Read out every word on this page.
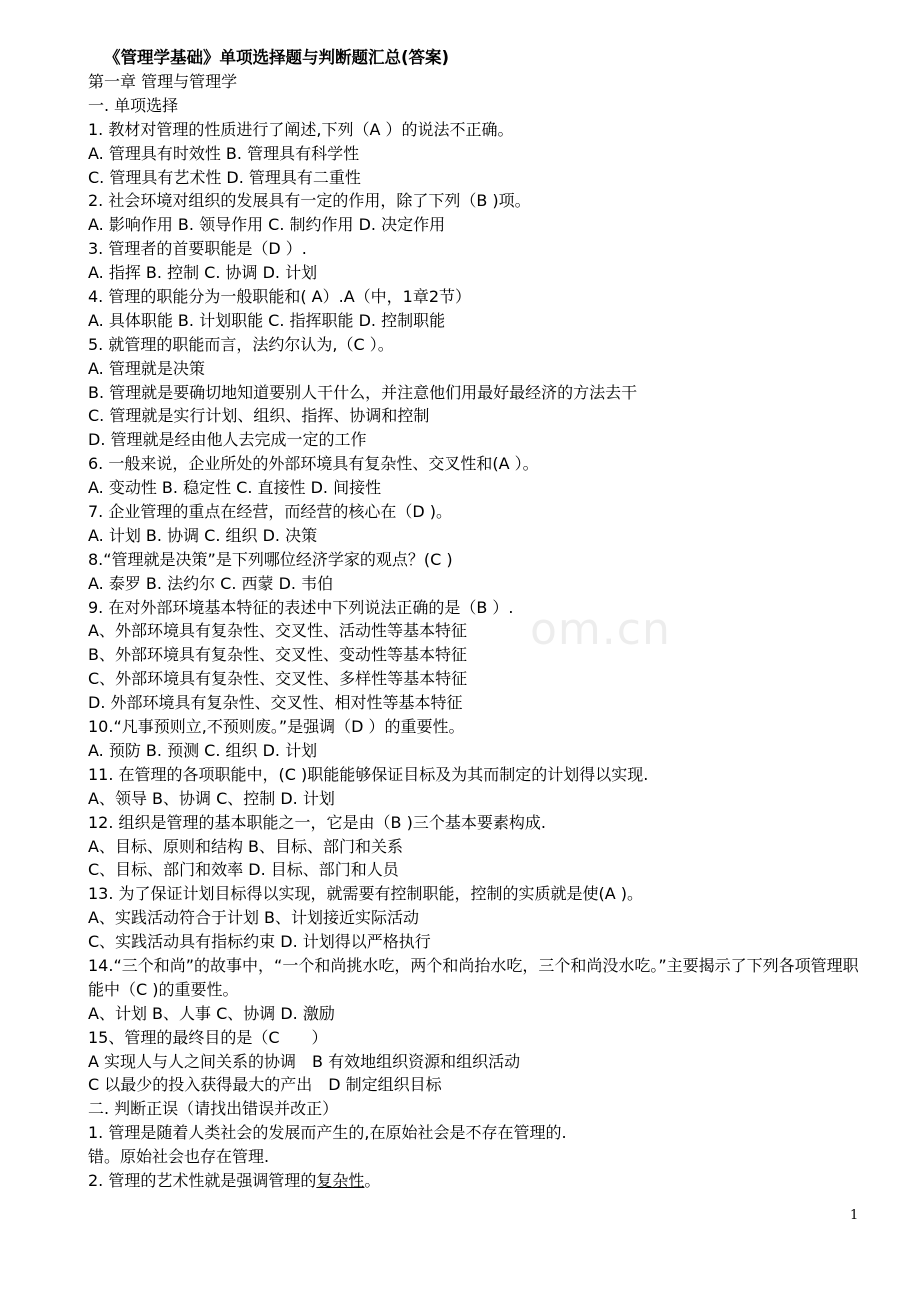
《管理学基础》单项选择题与判断题汇总(答案)
第一章 管理与管理学
一. 单项选择
1. 教材对管理的性质进行了阐述,下列（A ）的说法不正确。
A. 管理具有时效性 B. 管理具有科学性
C. 管理具有艺术性 D. 管理具有二重性
2. 社会环境对组织的发展具有一定的作用，除了下列（B )项。
A. 影响作用 B. 领导作用 C. 制约作用 D. 决定作用
3. 管理者的首要职能是（D ）.
A. 指挥 B. 控制 C. 协调 D. 计划
4. 管理的职能分为一般职能和( A）.A（中，1章2节）
A. 具体职能 B. 计划职能 C. 指挥职能 D. 控制职能
5. 就管理的职能而言，法约尔认为,（C ）。
A. 管理就是决策
B. 管理就是要确切地知道要别人干什么，并注意他们用最好最经济的方法去干
C. 管理就是实行计划、组织、指挥、协调和控制
D. 管理就是经由他人去完成一定的工作
6. 一般来说，企业所处的外部环境具有复杂性、交叉性和(A ）。
A. 变动性 B. 稳定性 C. 直接性 D. 间接性
7. 企业管理的重点在经营，而经营的核心在（D )。
A. 计划 B. 协调 C. 组织 D. 决策
8.“管理就是决策”是下列哪位经济学家的观点？(C )
A. 泰罗 B. 法约尔 C. 西蒙 D. 韦伯
9. 在对外部环境基本特征的表述中下列说法正确的是（B ）.
A、外部环境具有复杂性、交叉性、活动性等基本特征
B、外部环境具有复杂性、交叉性、变动性等基本特征
C、外部环境具有复杂性、交叉性、多样性等基本特征
D. 外部环境具有复杂性、交叉性、相对性等基本特征
10.“凡事预则立,不预则废。”是强调（D ）的重要性。
A. 预防 B. 预测 C. 组织 D. 计划
11. 在管理的各项职能中，(C )职能能够保证目标及为其而制定的计划得以实现.
A、领导 B、协调 C、控制 D. 计划
12. 组织是管理的基本职能之一，它是由（B )三个基本要素构成.
A、目标、原则和结构 B、目标、部门和关系
C、目标、部门和效率 D. 目标、部门和人员
13. 为了保证计划目标得以实现，就需要有控制职能，控制的实质就是使(A )。
A、实践活动符合于计划 B、计划接近实际活动
C、实践活动具有指标约束 D. 计划得以严格执行
14.“三个和尚”的故事中，“一个和尚挑水吃，两个和尚抬水吃，三个和尚没水吃。”主要揭示了下列各项管理职能中（C )的重要性。
A、计划 B、人事 C、协调 D. 激励
15、管理的最终目的是（C　　）
A 实现人与人之间关系的协调　B 有效地组织资源和组织活动
C 以最少的投入获得最大的产出　D 制定组织目标
二. 判断正误（请找出错误并改正）
1. 管理是随着人类社会的发展而产生的,在原始社会是不存在管理的.
错。原始社会也存在管理.
2. 管理的艺术性就是强调管理的复杂性。
om.cn
1
